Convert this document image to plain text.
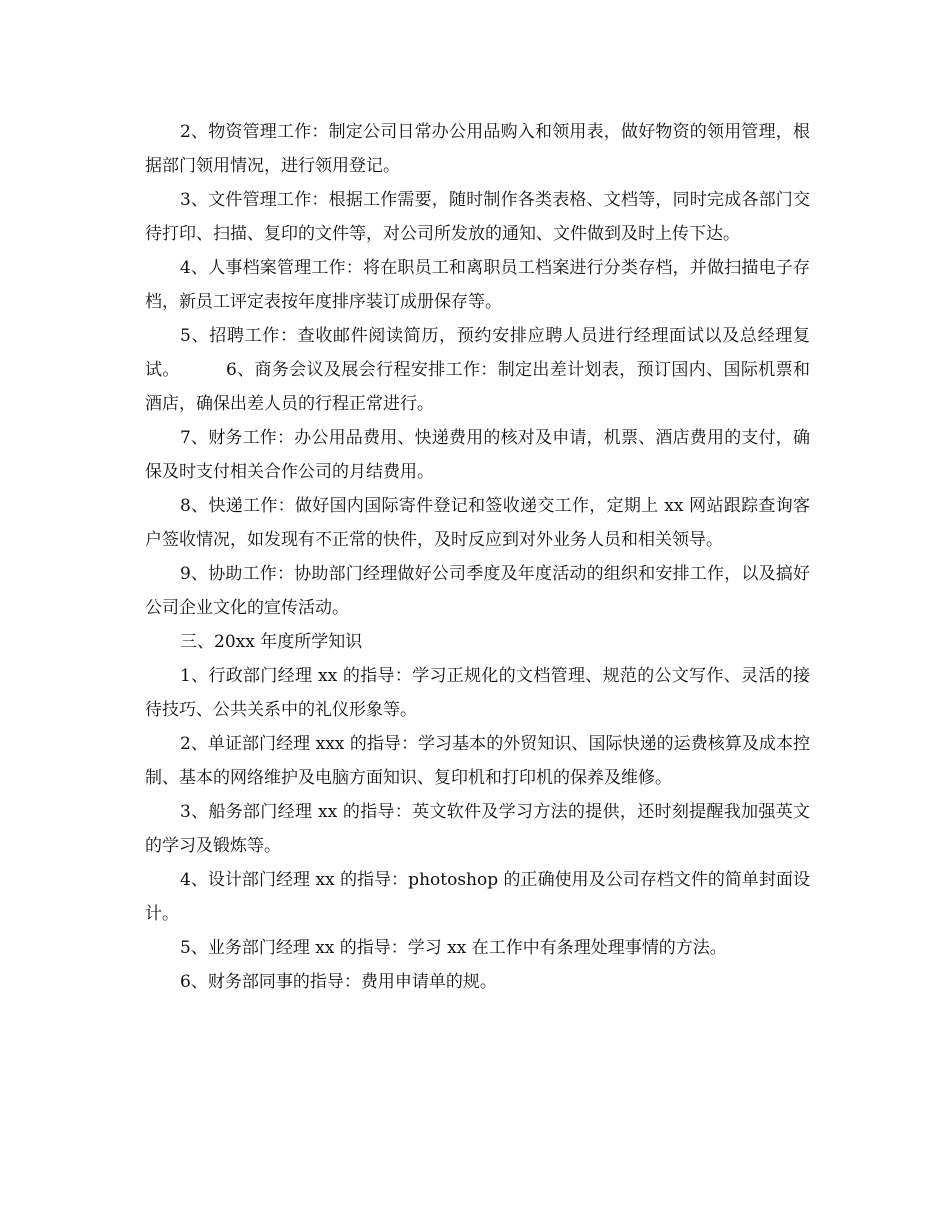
2、物资管理工作：制定公司日常办公用品购入和领用表，做好物资的领用管理，根据部门领用情况，进行领用登记。

3、文件管理工作：根据工作需要，随时制作各类表格、文档等，同时完成各部门交待打印、扫描、复印的文件等，对公司所发放的通知、文件做到及时上传下达。

4、人事档案管理工作：将在职员工和离职员工档案进行分类存档，并做扫描电子存档，新员工评定表按年度排序装订成册保存等。

5、招聘工作：查收邮件阅读简历，预约安排应聘人员进行经理面试以及总经理复试。        6、商务会议及展会行程安排工作：制定出差计划表，预订国内、国际机票和酒店，确保出差人员的行程正常进行。

7、财务工作：办公用品费用、快递费用的核对及申请，机票、酒店费用的支付，确保及时支付相关合作公司的月结费用。

8、快递工作：做好国内国际寄件登记和签收递交工作，定期上 xx 网站跟踪查询客户签收情况，如发现有不正常的快件，及时反应到对外业务人员和相关领导。

9、协助工作：协助部门经理做好公司季度及年度活动的组织和安排工作，以及搞好公司企业文化的宣传活动。

三、20xx 年度所学知识

1、行政部门经理 xx 的指导：学习正规化的文档管理、规范的公文写作、灵活的接待技巧、公共关系中的礼仪形象等。

2、单证部门经理 xxx 的指导：学习基本的外贸知识、国际快递的运费核算及成本控制、基本的网络维护及电脑方面知识、复印机和打印机的保养及维修。

3、船务部门经理 xx 的指导：英文软件及学习方法的提供，还时刻提醒我加强英文的学习及锻炼等。

4、设计部门经理 xx 的指导：photoshop 的正确使用及公司存档文件的简单封面设计。

5、业务部门经理 xx 的指导：学习 xx 在工作中有条理处理事情的方法。

6、财务部同事的指导：费用申请单的规。
